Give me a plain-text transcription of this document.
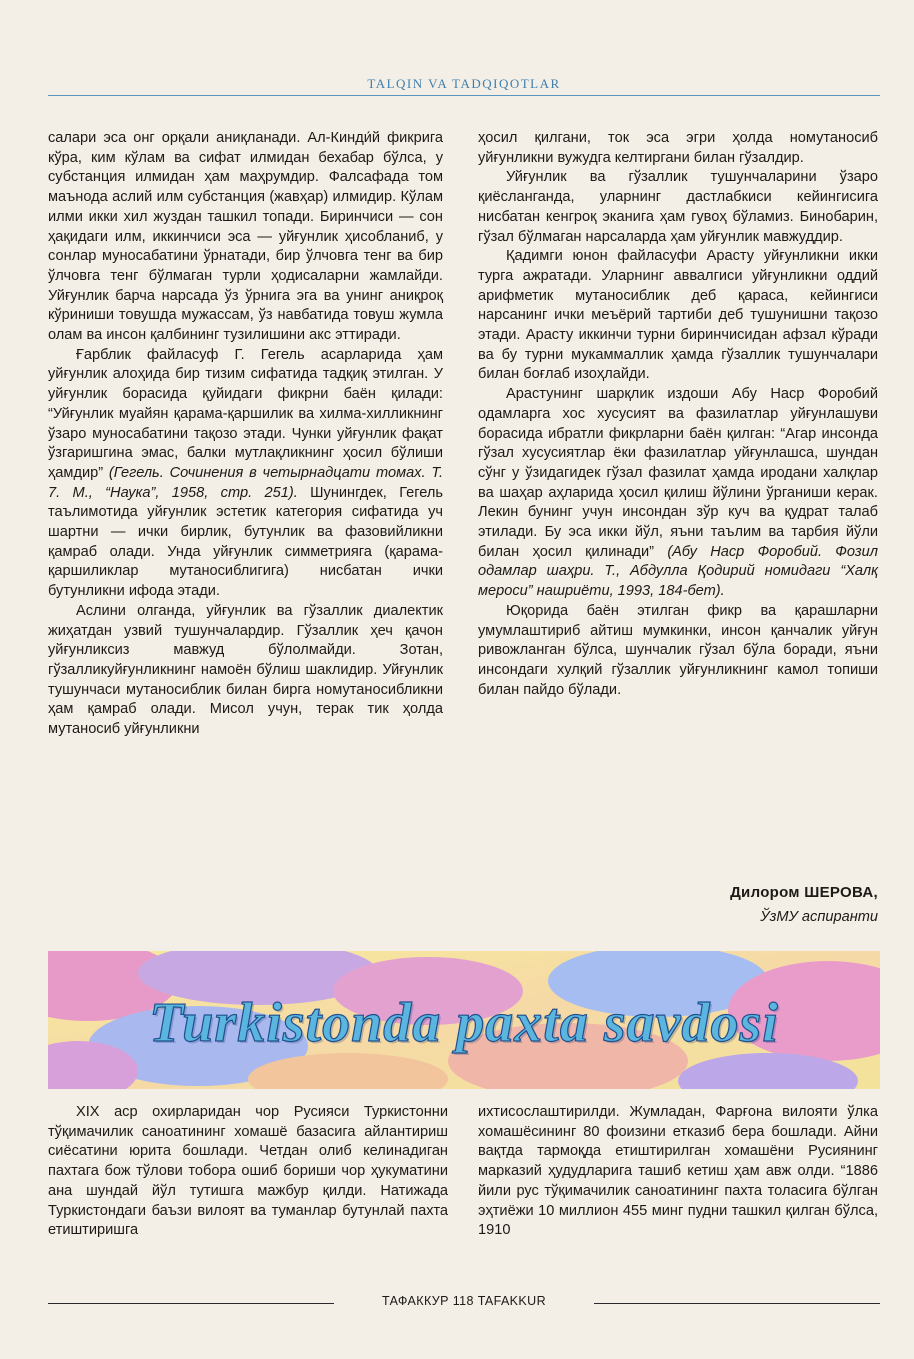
TALQIN VA TADQIQOTLAR

салари эса онг орқали аниқланади. Ал-Кинди́й фикрига кўра, ким кўлам ва сифат илмидан бехабар бўлса, у субстанция илмидан ҳам маҳрумдир. Фалсафада том маънода аслий илм субстанция (жавҳар) илмидир. Кўлам илми икки хил жуздан ташкил топади. Биринчиси — сон ҳақидаги илм, иккинчиси эса — уйғунлик ҳисобланиб, у сонлар муносабатини ўрнатади, бир ўлчовга тенг ва бир ўлчовга тенг бўлмаган турли ҳодисаларни жамлайди. Уйғунлик барча нарсада ўз ўрнига эга ва унинг аниқроқ кўриниши товушда мужассам, ўз навбатида товуш жумла олам ва инсон қалбининг тузилишини акс эттиради.

Ғарблик файласуф Г. Гегель асарларида ҳам уйғунлик алоҳида бир тизим сифатида тадқиқ этилган. У уйғунлик борасида қуйидаги фикрни баён қилади: “Уйғунлик муайян қарама-қаршилик ва хилма-хилликнинг ўзаро муносабатини тақозо этади. Чунки уйғунлик фақат ўзгаришгина эмас, балки мутлақликнинг ҳосил бўлиши ҳамдир” (Гегель. Сочинения в четырнадцати томах. Т. 7. М., “Наука”, 1958, стр. 251). Шунингдек, Гегель таълимотида уйғунлик эстетик категория сифатида уч шартни — ички бирлик, бутунлик ва фазовийликни қамраб олади. Унда уйғунлик симметрияга (қарама-қаршиликлар мутаносиблигига) нисбатан ички бутунликни ифода этади.

Аслини олганда, уйғунлик ва гўзаллик диалектик жиҳатдан узвий тушунчалардир. Гўзаллик ҳеч қачон уйғунликсиз мавжуд бўлолмайди. Зотан, гўзалликуйғунликнинг намоён бўлиш шаклидир. Уйғунлик тушунчаси мутаносиблик билан бирга номутаносибликни ҳам қамраб олади. Мисол учун, терак тик ҳолда мутаносиб уйғунликни

ҳосил қилгани, ток эса эгри ҳолда номутаносиб уйғунликни вужудга келтиргани билан гўзалдир.

Уйғунлик ва гўзаллик тушунчаларини ўзаро қиёсланганда, уларнинг дастлабкиси кейингисига нисбатан кенгроқ эканига ҳам гувоҳ бўламиз. Бинобарин, гўзал бўлмаган нарсаларда ҳам уйғунлик мавжуддир.

Қадимги юнон файласуфи Арасту уйғунликни икки турга ажратади. Уларнинг аввалгиси уйғунликни оддий арифметик мутаносиблик деб қараса, кейингиси нарсанинг ички меъёрий тартиби деб тушунишни тақозо этади. Арасту иккинчи турни биринчисидан афзал кўради ва бу турни мукаммаллик ҳамда гўзаллик тушунчалари билан боғлаб изоҳлайди.

Арастунинг шарқлик издоши Абу Наср Форобий одамларга хос хусусият ва фазилатлар уйғунлашуви борасида ибратли фикрларни баён қилган: “Агар инсонда гўзал хусусиятлар ёки фазилатлар уйғунлашса, шундан сўнг у ўзидагидек гўзал фазилат ҳамда иродани халқлар ва шаҳар аҳларида ҳосил қилиш йўлини ўрганиши керак. Лекин бунинг учун инсондан зўр куч ва қудрат талаб этилади. Бу эса икки йўл, яъни таълим ва тарбия йўли билан ҳосил қилинади” (Абу Наср Форобий. Фозил одамлар шаҳри. Т., Абдулла Қодирий номидаги “Халқ мероси” нашриёти, 1993, 184-бет).

Юқорида баён этилган фикр ва қарашларни умумлаштириб айтиш мумкинки, инсон қанчалик уйғун ривожланган бўлса, шунчалик гўзал бўла боради, яъни инсондаги хулқий гўзаллик уйғунликнинг камол топиши билан пайдо бўлади.

Дилором ШЕРОВА,
ЎзМУ аспиранти
Turkistonda paxta savdosi

XIX аср охирларидан чор Русияси Туркистонни тўқимачилик саноатининг хомашё базасига айлантириш сиёсатини юрита бошлади. Четдан олиб келинадиган пахтага бож тўлови тобора ошиб бориши чор ҳукуматини ана шундай йўл тутишга мажбур қилди. Натижада Туркистондаги баъзи вилоят ва туманлар бутунлай пахта етиштиришга

ихтисослаштирилди. Жумладан, Фарғона вилояти ўлка хомашёсининг 80 фоизини етказиб бера бошлади. Айни вақтда тармоқда етиштирилган хомашёни Русиянинг марказий ҳудудларига ташиб кетиш ҳам авж олди. “1886 йили рус тўқимачилик саноатининг пахта толасига бўлган эҳтиёжи 10 миллион 455 минг пудни ташкил қилган бўлса, 1910

ТАФАККУР 118 TAFAKKUR
